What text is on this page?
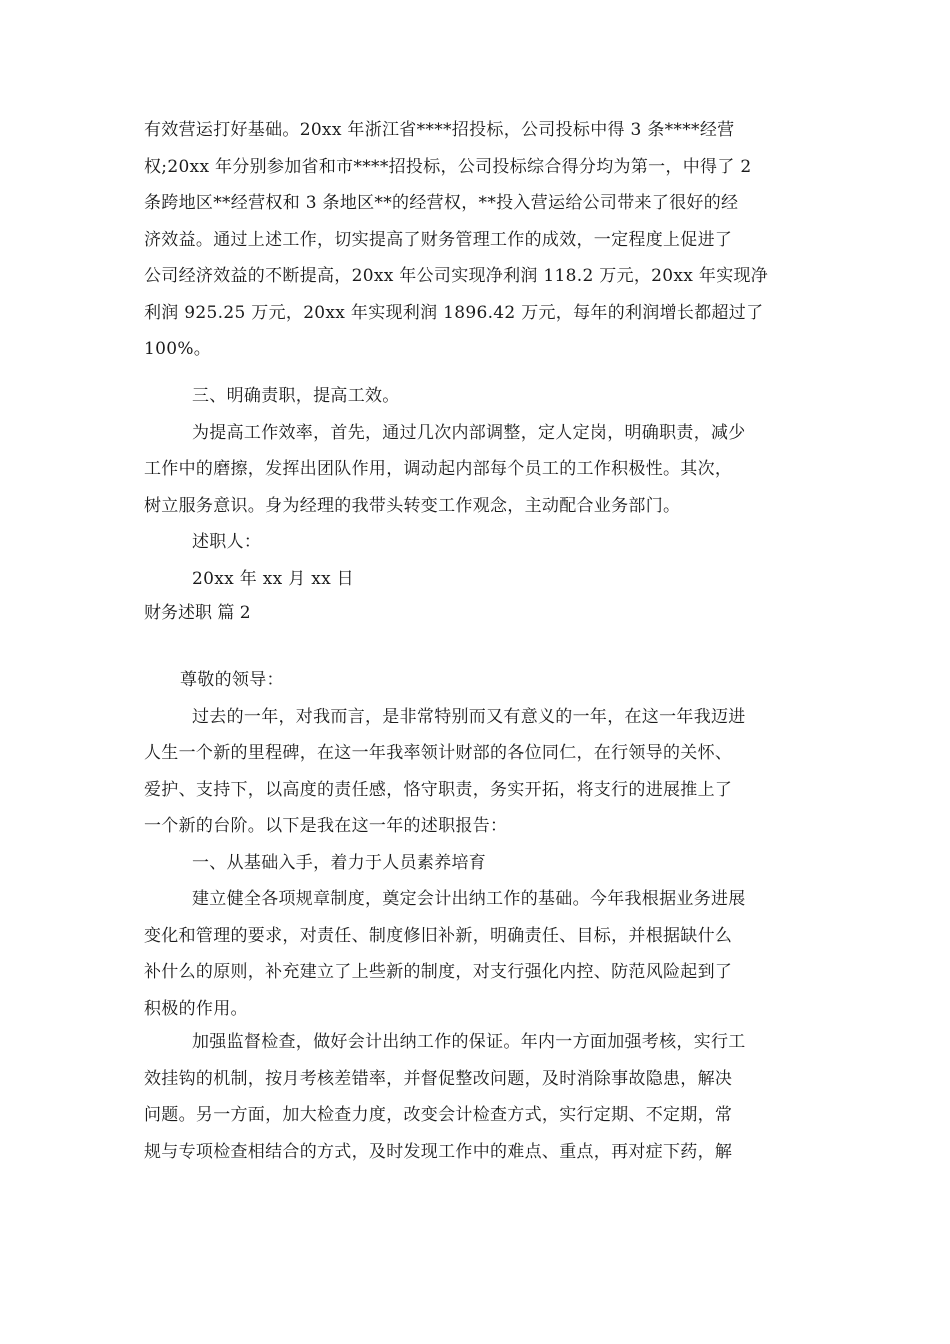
有效营运打好基础。20xx 年浙江省****招投标，公司投标中得 3 条****经营
权;20xx 年分别参加省和市****招投标，公司投标综合得分均为第一，中得了 2
条跨地区**经营权和 3 条地区**的经营权，**投入营运给公司带来了很好的经
济效益。通过上述工作，切实提高了财务管理工作的成效，一定程度上促进了
公司经济效益的不断提高，20xx 年公司实现净利润 118.2 万元，20xx 年实现净
利润 925.25 万元，20xx 年实现利润 1896.42 万元，每年的利润增长都超过了
100%。
三、明确责职，提高工效。
为提高工作效率，首先，通过几次内部调整，定人定岗，明确职责，减少
工作中的磨擦，发挥出团队作用，调动起内部每个员工的工作积极性。其次，
树立服务意识。身为经理的我带头转变工作观念，主动配合业务部门。
述职人：
20xx 年 xx 月 xx 日
财务述职 篇 2
尊敬的领导：
过去的一年，对我而言，是非常特别而又有意义的一年，在这一年我迈进
人生一个新的里程碑，在这一年我率领计财部的各位同仁，在行领导的关怀、
爱护、支持下，以高度的责任感，恪守职责，务实开拓，将支行的进展推上了
一个新的台阶。以下是我在这一年的述职报告：
一、从基础入手，着力于人员素养培育
建立健全各项规章制度，奠定会计出纳工作的基础。今年我根据业务进展
变化和管理的要求，对责任、制度修旧补新，明确责任、目标，并根据缺什么
补什么的原则，补充建立了上些新的制度，对支行强化内控、防范风险起到了
积极的作用。
加强监督检查，做好会计出纳工作的保证。年内一方面加强考核，实行工
效挂钩的机制，按月考核差错率，并督促整改问题，及时消除事故隐患，解决
问题。另一方面，加大检查力度，改变会计检查方式，实行定期、不定期，常
规与专项检查相结合的方式，及时发现工作中的难点、重点，再对症下药，解
